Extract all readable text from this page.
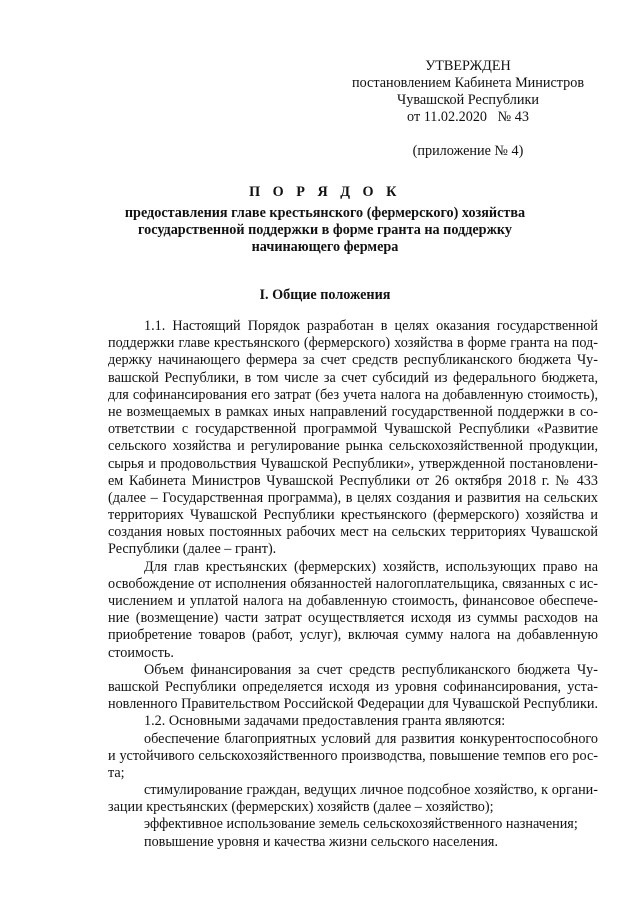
УТВЕРЖДЕН
постановлением Кабинета Министров
Чувашской Республики
от 11.02.2020   № 43
(приложение № 4)
П О Р Я Д О К
предоставления главе крестьянского (фермерского) хозяйства
государственной поддержки в форме гранта на поддержку
начинающего фермера
I. Общие положения
1.1. Настоящий Порядок разработан в целях оказания государственной
поддержки главе крестьянского (фермерского) хозяйства в форме гранта на под-
держку начинающего фермера за счет средств республиканского бюджета Чу-
вашской Республики, в том числе за счет субсидий из федерального бюджета,
для софинансирования его затрат (без учета налога на добавленную стоимость),
не возмещаемых в рамках иных направлений государственной поддержки в со-
ответствии с государственной программой Чувашской Республики «Развитие
сельского хозяйства и регулирование рынка сельскохозяйственной продукции,
сырья и продовольствия Чувашской Республики», утвержденной постановлени-
ем Кабинета Министров Чувашской Республики от 26 октября 2018 г. № 433
(далее – Государственная программа), в целях создания и развития на сельских
территориях Чувашской Республики крестьянского (фермерского) хозяйства и
создания новых постоянных рабочих мест на сельских территориях Чувашской
Республики (далее – грант).
Для глав крестьянских (фермерских) хозяйств, использующих право на
освобождение от исполнения обязанностей налогоплательщика, связанных с ис-
числением и уплатой налога на добавленную стоимость, финансовое обеспече-
ние (возмещение) части затрат осуществляется исходя из суммы расходов на
приобретение товаров (работ, услуг), включая сумму налога на добавленную
стоимость.
Объем финансирования за счет средств республиканского бюджета Чу-
вашской Республики определяется исходя из уровня софинансирования, уста-
новленного Правительством Российской Федерации для Чувашской Республики.
1.2. Основными задачами предоставления гранта являются:
обеспечение благоприятных условий для развития конкурентоспособного
и устойчивого сельскохозяйственного производства, повышение темпов его рос-
та;
стимулирование граждан, ведущих личное подсобное хозяйство, к органи-
зации крестьянских (фермерских) хозяйств (далее – хозяйство);
эффективное использование земель сельскохозяйственного назначения;
повышение уровня и качества жизни сельского населения.
